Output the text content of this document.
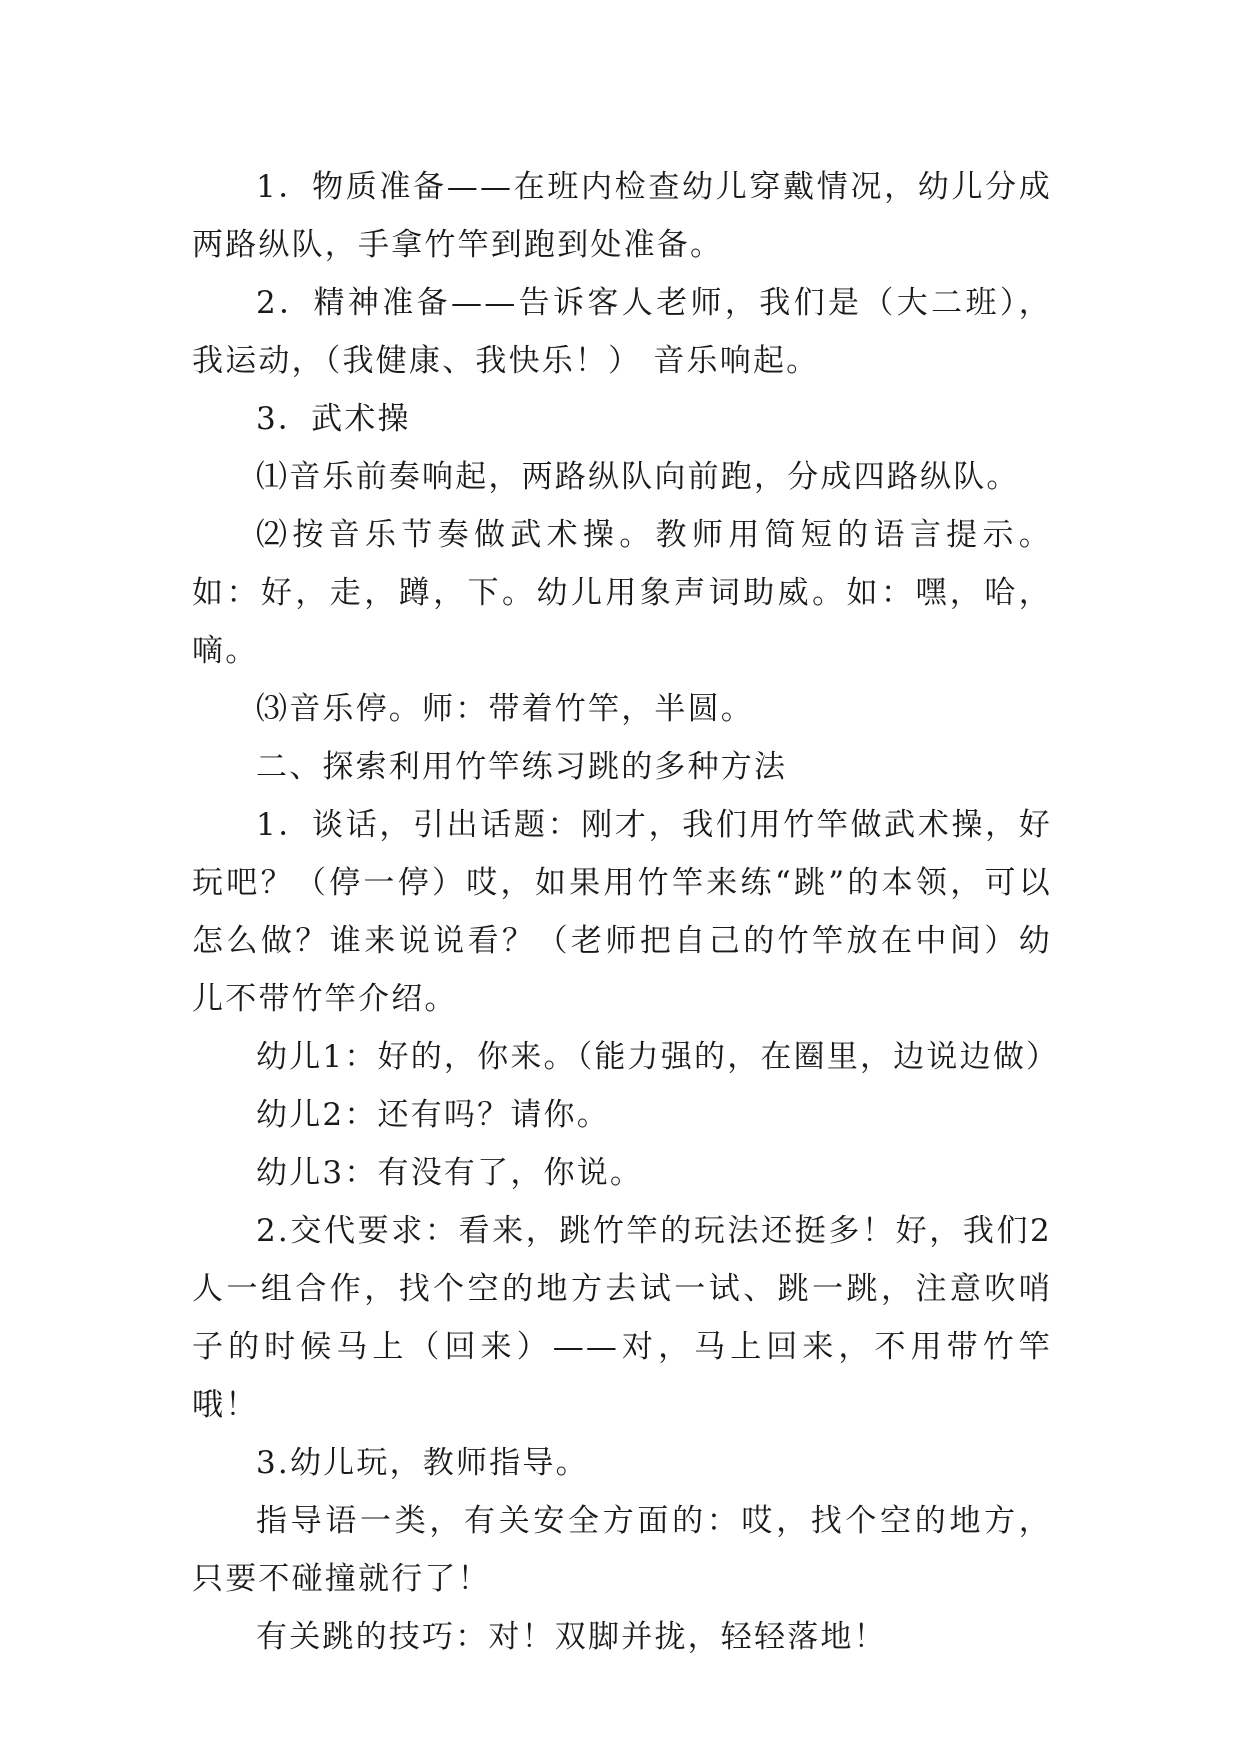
1．物质准备——在班内检查幼儿穿戴情况，幼儿分成两路纵队，手拿竹竿到跑到处准备。

2．精神准备——告诉客人老师，我们是（大二班），我运动，（我健康、我快乐！） 音乐响起。

3．武术操

⑴音乐前奏响起，两路纵队向前跑，分成四路纵队。

⑵按音乐节奏做武术操。教师用简短的语言提示。如：好，走，蹲，下。幼儿用象声词助威。如：嘿，哈，嘀。

⑶音乐停。师：带着竹竿，半圆。

二、探索利用竹竿练习跳的多种方法

1．谈话，引出话题：刚才，我们用竹竿做武术操，好玩吧？（停一停）哎，如果用竹竿来练“跳”的本领，可以怎么做？谁来说说看？（老师把自己的竹竿放在中间）幼儿不带竹竿介绍。

幼儿1：好的，你来。（能力强的，在圈里，边说边做）

幼儿2：还有吗？请你。

幼儿3：有没有了，你说。

2.交代要求：看来，跳竹竿的玩法还挺多！好，我们2人一组合作，找个空的地方去试一试、跳一跳，注意吹哨子的时候马上（回来）——对，马上回来，不用带竹竿哦！

3.幼儿玩，教师指导。

指导语一类，有关安全方面的：哎，找个空的地方，只要不碰撞就行了！

有关跳的技巧：对！双脚并拢，轻轻落地！
